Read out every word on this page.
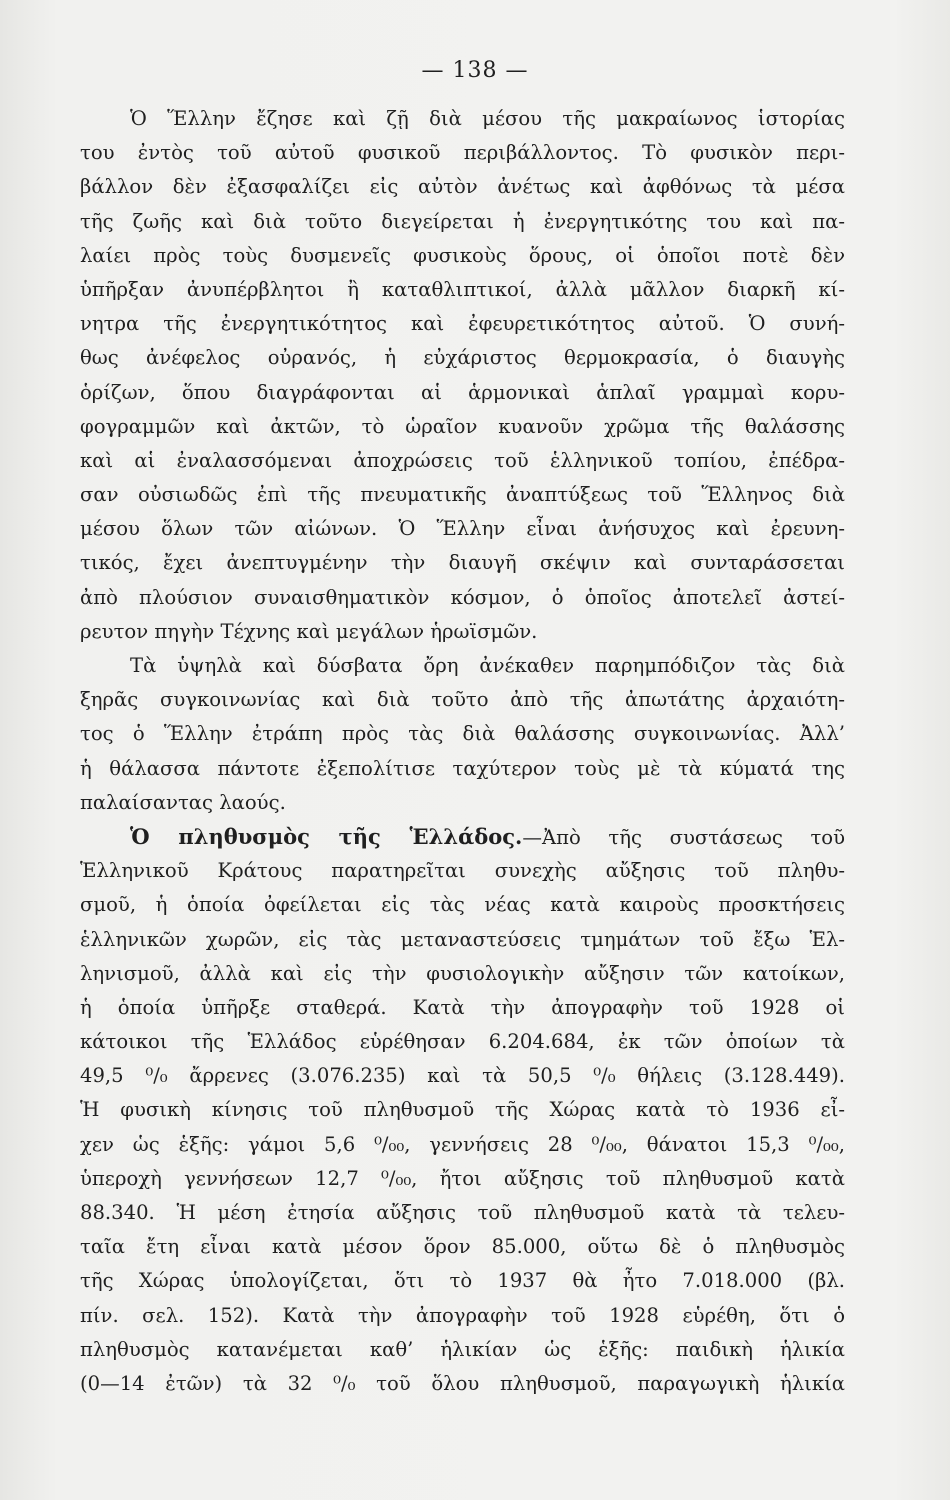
— 138 —
Ὁ Ἕλλην ἔζησε καὶ ζῇ διὰ μέσου τῆς μακραίωνος ἱστορίας
του ἐντὸς τοῦ αὐτοῦ φυσικοῦ περιβάλλοντος. Τὸ φυσικὸν περι-
βάλλον δὲν ἐξασφαλίζει εἰς αὐτὸν ἀνέτως καὶ ἀφθόνως τὰ μέσα
τῆς ζωῆς καὶ διὰ τοῦτο διεγείρεται ἡ ἐνεργητικότης του καὶ πα-
λαίει πρὸς τοὺς δυσμενεῖς φυσικοὺς ὅρους, οἱ ὁποῖοι ποτὲ δὲν
ὑπῆρξαν ἀνυπέρβλητοι ἢ καταθλιπτικοί, ἀλλὰ μᾶλλον διαρκῆ κί-
νητρα τῆς ἐνεργητικότητος καὶ ἐφευρετικότητος αὐτοῦ. Ὁ συνή-
θως ἀνέφελος οὐρανός, ἡ εὐχάριστος θερμοκρασία, ὁ διαυγὴς
ὁρίζων, ὅπου διαγράφονται αἱ ἁρμονικαὶ ἁπλαῖ γραμμαὶ κορυ-
φογραμμῶν καὶ ἀκτῶν, τὸ ὡραῖον κυανοῦν χρῶμα τῆς θαλάσσης
καὶ αἱ ἐναλασσόμεναι ἀποχρώσεις τοῦ ἑλληνικοῦ τοπίου, ἐπέδρα-
σαν οὐσιωδῶς ἐπὶ τῆς πνευματικῆς ἀναπτύξεως τοῦ Ἕλληνος διὰ
μέσου ὅλων τῶν αἰώνων. Ὁ Ἕλλην εἶναι ἀνήσυχος καὶ ἐρευνη-
τικός, ἔχει ἀνεπτυγμένην τὴν διαυγῆ σκέψιν καὶ συνταράσσεται
ἀπὸ πλούσιον συναισθηματικὸν κόσμον, ὁ ὁποῖος ἀποτελεῖ ἀστεί-
ρευτον πηγὴν Τέχνης καὶ μεγάλων ἡρωϊσμῶν.
Τὰ ὑψηλὰ καὶ δύσβατα ὄρη ἀνέκαθεν παρημπόδιζον τὰς διὰ
ξηρᾶς συγκοινωνίας καὶ διὰ τοῦτο ἀπὸ τῆς ἀπωτάτης ἀρχαιότη-
τος ὁ Ἕλλην ἐτράπη πρὸς τὰς διὰ θαλάσσης συγκοινωνίας. Ἀλλ’
ἡ θάλασσα πάντοτε ἐξεπολίτισε ταχύτερον τοὺς μὲ τὰ κύματά της
παλαίσαντας λαούς.
Ὁ πληθυσμὸς τῆς Ἑλλάδος.—Ἀπὸ τῆς συστάσεως τοῦ
Ἑλληνικοῦ Κράτους παρατηρεῖται συνεχὴς αὔξησις τοῦ πληθυ-
σμοῦ, ἡ ὁποία ὀφείλεται εἰς τὰς νέας κατὰ καιροὺς προσκτήσεις
ἑλληνικῶν χωρῶν, εἰς τὰς μεταναστεύσεις τμημάτων τοῦ ἔξω Ἑλ-
ληνισμοῦ, ἀλλὰ καὶ εἰς τὴν φυσιολογικὴν αὔξησιν τῶν κατοίκων,
ἡ ὁποία ὑπῆρξε σταθερά. Κατὰ τὴν ἀπογραφὴν τοῦ 1928 οἱ
κάτοικοι τῆς Ἑλλάδος εὑρέθησαν 6.204.684, ἐκ τῶν ὁποίων τὰ
49,5 ⁰/₀ ἄρρενες (3.076.235) καὶ τὰ 50,5 ⁰/₀ θήλεις (3.128.449).
Ἡ φυσικὴ κίνησις τοῦ πληθυσμοῦ τῆς Χώρας κατὰ τὸ 1936 εἶ-
χεν ὡς ἑξῆς: γάμοι 5,6 ⁰/₀₀, γεννήσεις 28 ⁰/₀₀, θάνατοι 15,3 ⁰/₀₀,
ὑπεροχὴ γεννήσεων 12,7 ⁰/₀₀, ἤτοι αὔξησις τοῦ πληθυσμοῦ κατὰ
88.340. Ἡ μέση ἐτησία αὔξησις τοῦ πληθυσμοῦ κατὰ τὰ τελευ-
ταῖα ἔτη εἶναι κατὰ μέσον ὅρον 85.000, οὕτω δὲ ὁ πληθυσμὸς
τῆς Χώρας ὑπολογίζεται, ὅτι τὸ 1937 θὰ ἦτο 7.018.000 (βλ.
πίν. σελ. 152). Κατὰ τὴν ἀπογραφὴν τοῦ 1928 εὑρέθη, ὅτι ὁ
πληθυσμὸς κατανέμεται καθ’ ἡλικίαν ὡς ἑξῆς: παιδικὴ ἡλικία
(0—14 ἐτῶν) τὰ 32 ⁰/₀ τοῦ ὅλου πληθυσμοῦ, παραγωγικὴ ἡλικία
